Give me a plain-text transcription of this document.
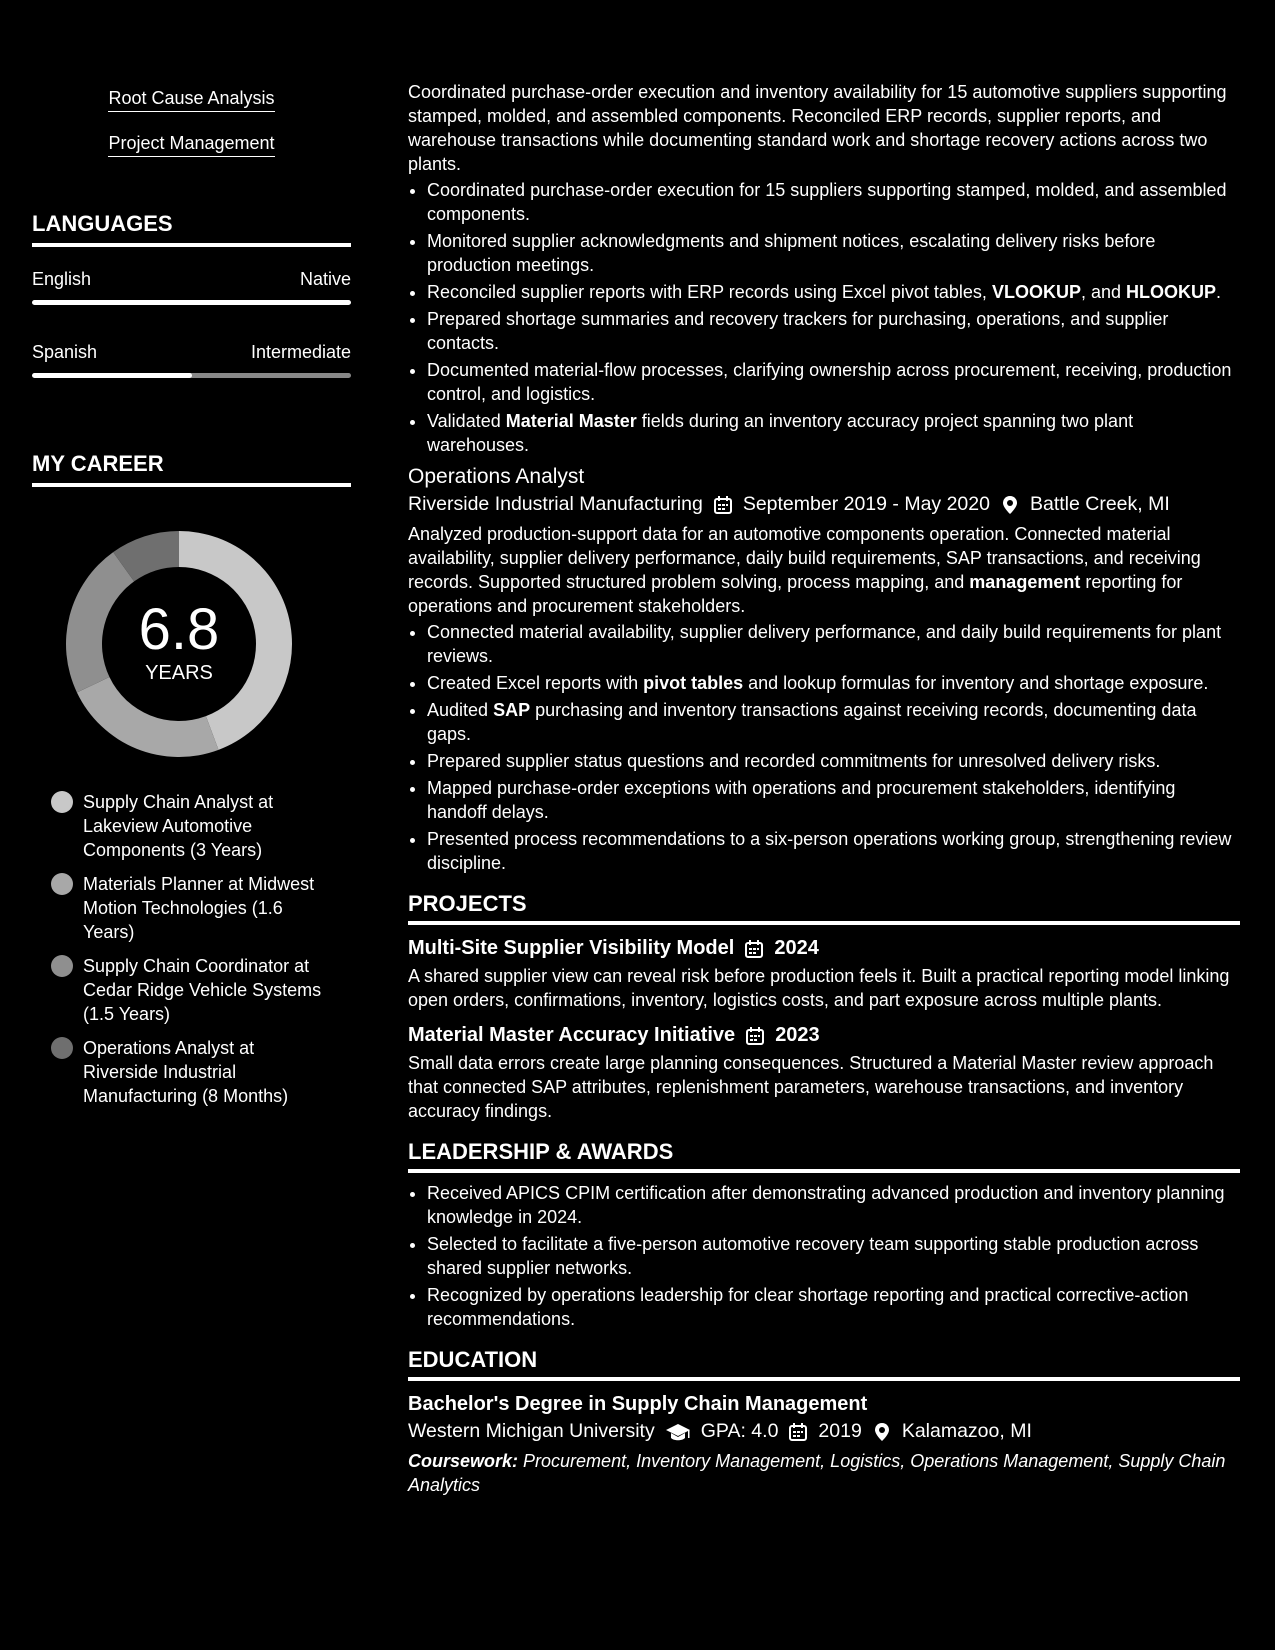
Root Cause Analysis
Project Management
LANGUAGES
English	Native
Spanish	Intermediate
MY CAREER
6.8
YEARS
Supply Chain Analyst at Lakeview Automotive Components (3 Years)
Materials Planner at Midwest Motion Technologies (1.6 Years)
Supply Chain Coordinator at Cedar Ridge Vehicle Systems (1.5 Years)
Operations Analyst at Riverside Industrial Manufacturing (8 Months)

Coordinated purchase-order execution and inventory availability for 15 automotive suppliers supporting stamped, molded, and assembled components. Reconciled ERP records, supplier reports, and warehouse transactions while documenting standard work and shortage recovery actions across two plants.

• Coordinated purchase-order execution for 15 suppliers supporting stamped, molded, and assembled components.
• Monitored supplier acknowledgments and shipment notices, escalating delivery risks before production meetings.
• Reconciled supplier reports with ERP records using Excel pivot tables, VLOOKUP, and HLOOKUP.
• Prepared shortage summaries and recovery trackers for purchasing, operations, and supplier contacts.
• Documented material-flow processes, clarifying ownership across procurement, receiving, production control, and logistics.
• Validated Material Master fields during an inventory accuracy project spanning two plant warehouses.
Operations Analyst
Riverside Industrial Manufacturing September 2019 - May 2020 Battle Creek, MI

Analyzed production-support data for an automotive components operation. Connected material availability, supplier delivery performance, daily build requirements, SAP transactions, and receiving records. Supported structured problem solving, process mapping, and management reporting for operations and procurement stakeholders.

• Connected material availability, supplier delivery performance, and daily build requirements for plant reviews.
• Created Excel reports with pivot tables and lookup formulas for inventory and shortage exposure.
• Audited SAP purchasing and inventory transactions against receiving records, documenting data gaps.
• Prepared supplier status questions and recorded commitments for unresolved delivery risks.
• Mapped purchase-order exceptions with operations and procurement stakeholders, identifying handoff delays.
• Presented process recommendations to a six-person operations working group, strengthening review discipline.
PROJECTS
Multi-Site Supplier Visibility Model 2024

A shared supplier view can reveal risk before production feels it. Built a practical reporting model linking open orders, confirmations, inventory, logistics costs, and part exposure across multiple plants.

Material Master Accuracy Initiative 2023

Small data errors create large planning consequences. Structured a Material Master review approach that connected SAP attributes, replenishment parameters, warehouse transactions, and inventory accuracy findings.

LEADERSHIP & AWARDS
• Received APICS CPIM certification after demonstrating advanced production and inventory planning knowledge in 2024.
• Selected to facilitate a five-person automotive recovery team supporting stable production across shared supplier networks.
• Recognized by operations leadership for clear shortage reporting and practical corrective-action recommendations.
EDUCATION
Bachelor's Degree in Supply Chain Management
Western Michigan University GPA: 4.0 2019 Kalamazoo, MI

Coursework: Procurement, Inventory Management, Logistics, Operations Management, Supply Chain Analytics
